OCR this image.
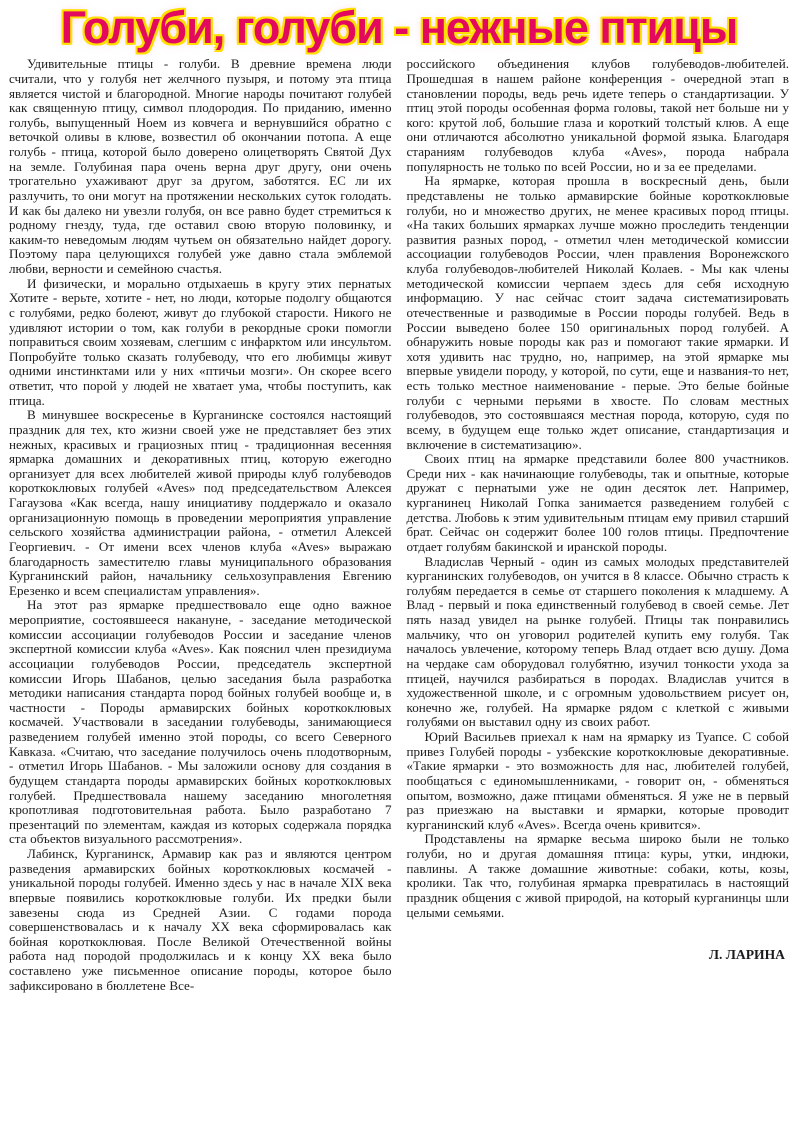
Голуби, голуби - нежные птицы

Удивительные птицы - голуби. В древние времена люди считали, что у голубя нет желчного пузыря, и потому эта птица является чистой и благородной. Многие народы почитают голубей как священную птицу, символ плодородия. По приданию, именно голубь, выпущенный Ноем из ковчега и вернувшийся обратно с веточкой оливы в клюве, возвестил об окончании потопа. А еще голубь - птица, которой было доверено олицетворять Святой Дух на земле. Голубиная пара очень верна друг другу, они очень трогательно ухаживают друг за другом, заботятся. ЕС ли их разлучить, то они могут на протяжении нескольких суток голодать. И как бы далеко ни увезли голубя, он все равно будет стремиться к родному гнезду, туда, где оставил свою вторую половинку, и каким-то неведомым людям чутьем он обязательно найдет дорогу. Поэтому пара целующихся голубей уже давно стала эмблемой любви, верности и семейною счастья.

И физически, и морально отдыхаешь в кругу этих пернатых Хотите - верьте, хотите - нет, но люди, которые подолгу общаются с голубями, редко болеют, живут до глубокой старости. Никого не удивляют истории о том, как голуби в рекордные сроки помогли поправиться своим хозяевам, слегшим с инфарктом или инсультом. Попробуйте только сказать голубеводу, что его любимцы живут одними инстинктами или у них «птичьи мозги». Он скорее всего ответит, что порой у людей не хватает ума, чтобы поступить, как птица.

В минувшее воскресенье в Курганинске состоялся настоящий праздник для тех, кто жизни своей уже не представляет без этих нежных, красивых и грациозных птиц - традиционная весенняя ярмарка домашних и декоративных птиц, которую ежегодно организует для всех любителей живой природы клуб голубеводов короткоклювых голубей «Aves» под председательством Алексея Гагаузова «Как всегда, нашу инициативу поддержало и оказало организационную помощь в проведении мероприятия управление сельского хозяйства администрации района, - отметил Алексей Георгиевич. - От имени всех членов клуба «Aves» выражаю благодарность заместителю главы муниципального образования Курганинский район, начальнику сельхозуправления Евгению Ерезенко и всем специалистам управления».

На этот раз ярмарке предшествовало еще одно важное мероприятие, состоявшееся накануне, - заседание методической комиссии ассоциации голубеводов России и заседание членов экспертной комиссии клуба «Aves». Как пояснил член президиума ассоциации голубеводов России, председатель экспертной комиссии Игорь Шабанов, целью заседания была разработка методики написания стандарта пород бойных голубей вообще и, в частности - Породы армавирских бойных короткоклювых космачей. Участвовали в заседании голубеводы, занимающиеся разведением голубей именно этой породы, со всего Северного Кавказа. «Считаю, что заседание получилось очень плодотворным, - отметил Игорь Шабанов. - Мы заложили основу для создания в будущем стандарта породы армавирских бойных короткоклювых голубей. Предшествовала нашему заседанию многолетняя кропотливая подготовительная работа. Было разработано 7 презентаций по элементам, каждая из которых содержала порядка ста объектов визуального рассмотрения».

Лабинск, Курганинск, Армавир как раз и являются центром разведения армавирских бойных короткоклювых космачей - уникальной породы голубей. Именно здесь у нас в начале XIX века впервые появились короткоклювые голуби. Их предки были завезены сюда из Средней Азии. С годами порода совершенствовалась и к началу XX века сформировалась как бойная короткоклювая. После Великой Отечественной войны работа над породой продолжилась и к концу XX века было составлено уже письменное описание породы, которое было зафиксировано в бюллетене Все-

российского объединения клубов голубеводов-любителей. Прошедшая в нашем районе конференция - очередной этап в становлении породы, ведь речь идете теперь о стандартизации. У птиц этой породы особенная форма головы, такой нет больше ни у кого: крутой лоб, большие глаза и короткий толстый клюв. А еще они отличаются абсолютно уникальной формой языка. Благодаря стараниям голубеводов клуба «Aves», порода набрала популярность не только по всей России, но и за ее пределами.

На ярмарке, которая прошла в воскресный день, были представлены не только армавирские бойные короткоклювые голуби, но и множество других, не менее красивых пород птицы. «На таких больших ярмарках лучше можно проследить тенденции развития разных пород, - отметил член методической комиссии ассоциации голубеводов России, член правления Воронежского клуба голубеводов-любителей Николай Колаев. - Мы как члены методической комиссии черпаем здесь для себя исходную информацию. У нас сейчас стоит задача систематизировать отечественные и разводимые в России породы голубей. Ведь в России выведено более 150 оригинальных пород голубей. А обнаружить новые породы как раз и помогают такие ярмарки. И хотя удивить нас трудно, но, например, на этой ярмарке мы впервые увидели породу, у которой, по сути, еще и названия-то нет, есть только местное наименование - перые. Это белые бойные голуби с черными перьями в хвосте. По словам местных голубеводов, это состоявшаяся местная порода, которую, судя по всему, в будущем еще только ждет описание, стандартизация и включение в систематизацию».

Своих птиц на ярмарке представили более 800 участников. Среди них - как начинающие голубеводы, так и опытные, которые дружат с пернатыми уже не один десяток лет. Например, курганинец Николай Гопка занимается разведением голубей с детства. Любовь к этим удивительным птицам ему привил старший брат. Сейчас он содержит более 100 голов птицы. Предпочтение отдает голубям бакинской и иранской породы.

Владислав Черный - один из самых молодых представителей курганинских голубеводов, он учится в 8 классе. Обычно страсть к голубям передается в семье от старшего поколения к младшему. А Влад - первый и пока единственный голубевод в своей семье. Лет пять назад увидел на рынке голубей. Птицы так понравились мальчику, что он уговорил родителей купить ему голубя. Так началось увлечение, которому теперь Влад отдает всю душу. Дома на чердаке сам оборудовал голубятню, изучил тонкости ухода за птицей, научился разбираться в породах. Владислав учится в художественной школе, и с огромным удовольствием рисует он, конечно же, голубей. На ярмарке рядом с клеткой с живыми голубями он выставил одну из своих работ.

Юрий Васильев приехал к нам на ярмарку из Туапсе. С собой привез Голубей породы - узбекские короткоклювые декоративные. «Такие ярмарки - это возможность для нас, любителей голубей, пообщаться с единомышленниками, - говорит он, - обменяться опытом, возможно, даже птицами обменяться. Я уже не в первый раз приезжаю на выставки и ярмарки, которые проводит курганинский клуб «Aves». Всегда очень кривится».

Продставлены на ярмарке весьма широко были не только голуби, но и другая домашняя птица: куры, утки, индюки, павлины. А также домашние животные: собаки, коты, козы, кролики. Так что, голубиная ярмарка превратилась в настоящий праздник общения с живой природой, на который курганинцы шли целыми семьями.

Л. ЛАРИНА
